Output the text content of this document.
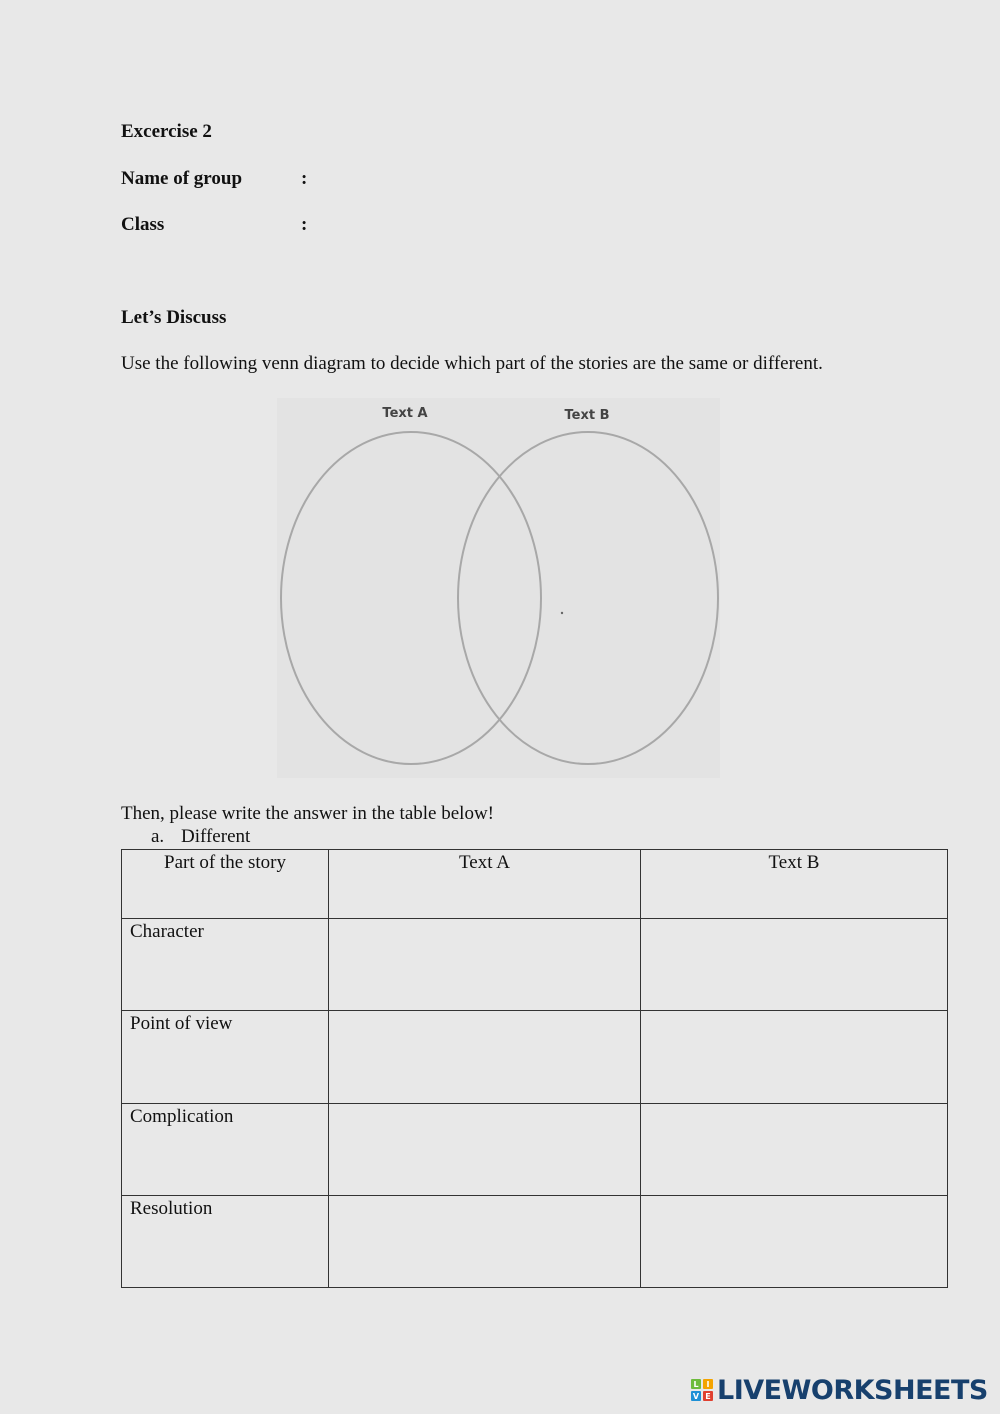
Excercise 2
Name of group	:
Class	:
Let’s Discuss
Use the following venn diagram to decide which part of the stories are the same or different.
Text A	Text B
Then, please write the answer in the table below!
a. Different
Part of the story	Text A	Text B
Character		
Point of view		
Complication		
Resolution		
L I
V E LIVEWORKSHEETS
